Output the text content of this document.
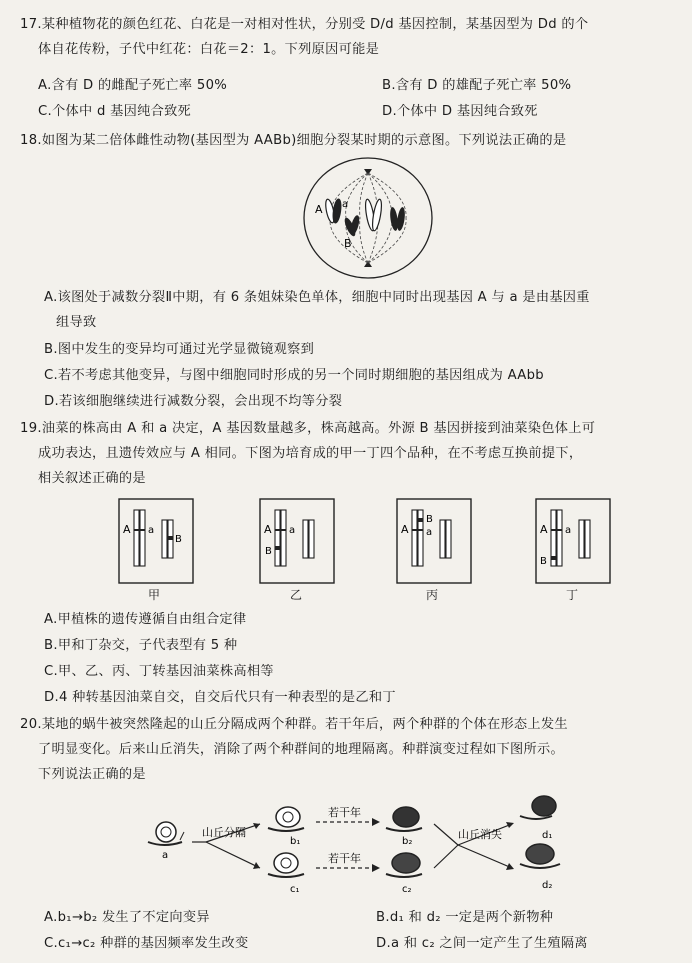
17.某种植物花的颜色红花、白花是一对相对性状，分别受 D/d 基因控制，某基因型为 Dd 的个
体自花传粉，子代中红花：白花＝2：1。下列原因可能是
A.含有 D 的雌配子死亡率 50%	B.含有 D 的雄配子死亡率 50%
C.个体中 d 基因纯合致死	D.个体中 D 基因纯合致死
18.如图为某二倍体雌性动物(基因型为 AABb)细胞分裂某时期的示意图。下列说法正确的是
A a
B
A.该图处于减数分裂Ⅱ中期，有 6 条姐妹染色单体，细胞中同时出现基因 A 与 a 是由基因重
组导致
B.图中发生的变异均可通过光学显微镜观察到
C.若不考虑其他变异，与图中细胞同时形成的另一个同时期细胞的基因组成为 AAbb
D.若该细胞继续进行减数分裂，会出现不均等分裂
19.油菜的株高由 A 和 a 决定，A 基因数量越多，株高越高。外源 B 基因拼接到油菜染色体上可
成功表达，且遗传效应与 A 相同。下图为培育成的甲一丁四个品种，在不考虑互换前提下，
相关叙述正确的是
A a
B
甲
A a
B
乙
A a
B
丙
A a
B
丁
A.甲植株的遗传遵循自由组合定律
B.甲和丁杂交，子代表型有 5 种
C.甲、乙、丙、丁转基因油菜株高相等
D.4 种转基因油菜自交，自交后代只有一种表型的是乙和丁
20.某地的蜗牛被突然隆起的山丘分隔成两个种群。若干年后，两个种群的个体在形态上发生
了明显变化。后来山丘消失，消除了两个种群间的地理隔离。种群演变过程如下图所示。
下列说法正确的是
a
山丘分隔
b₁
c₁
若干年
若干年
b₂
c₂
山丘消失	d₁
d₂
A.b₁→b₂ 发生了不定向变异	B.d₁ 和 d₂ 一定是两个新物种
C.c₁→c₂ 种群的基因频率发生改变	D.a 和 c₂ 之间一定产生了生殖隔离
